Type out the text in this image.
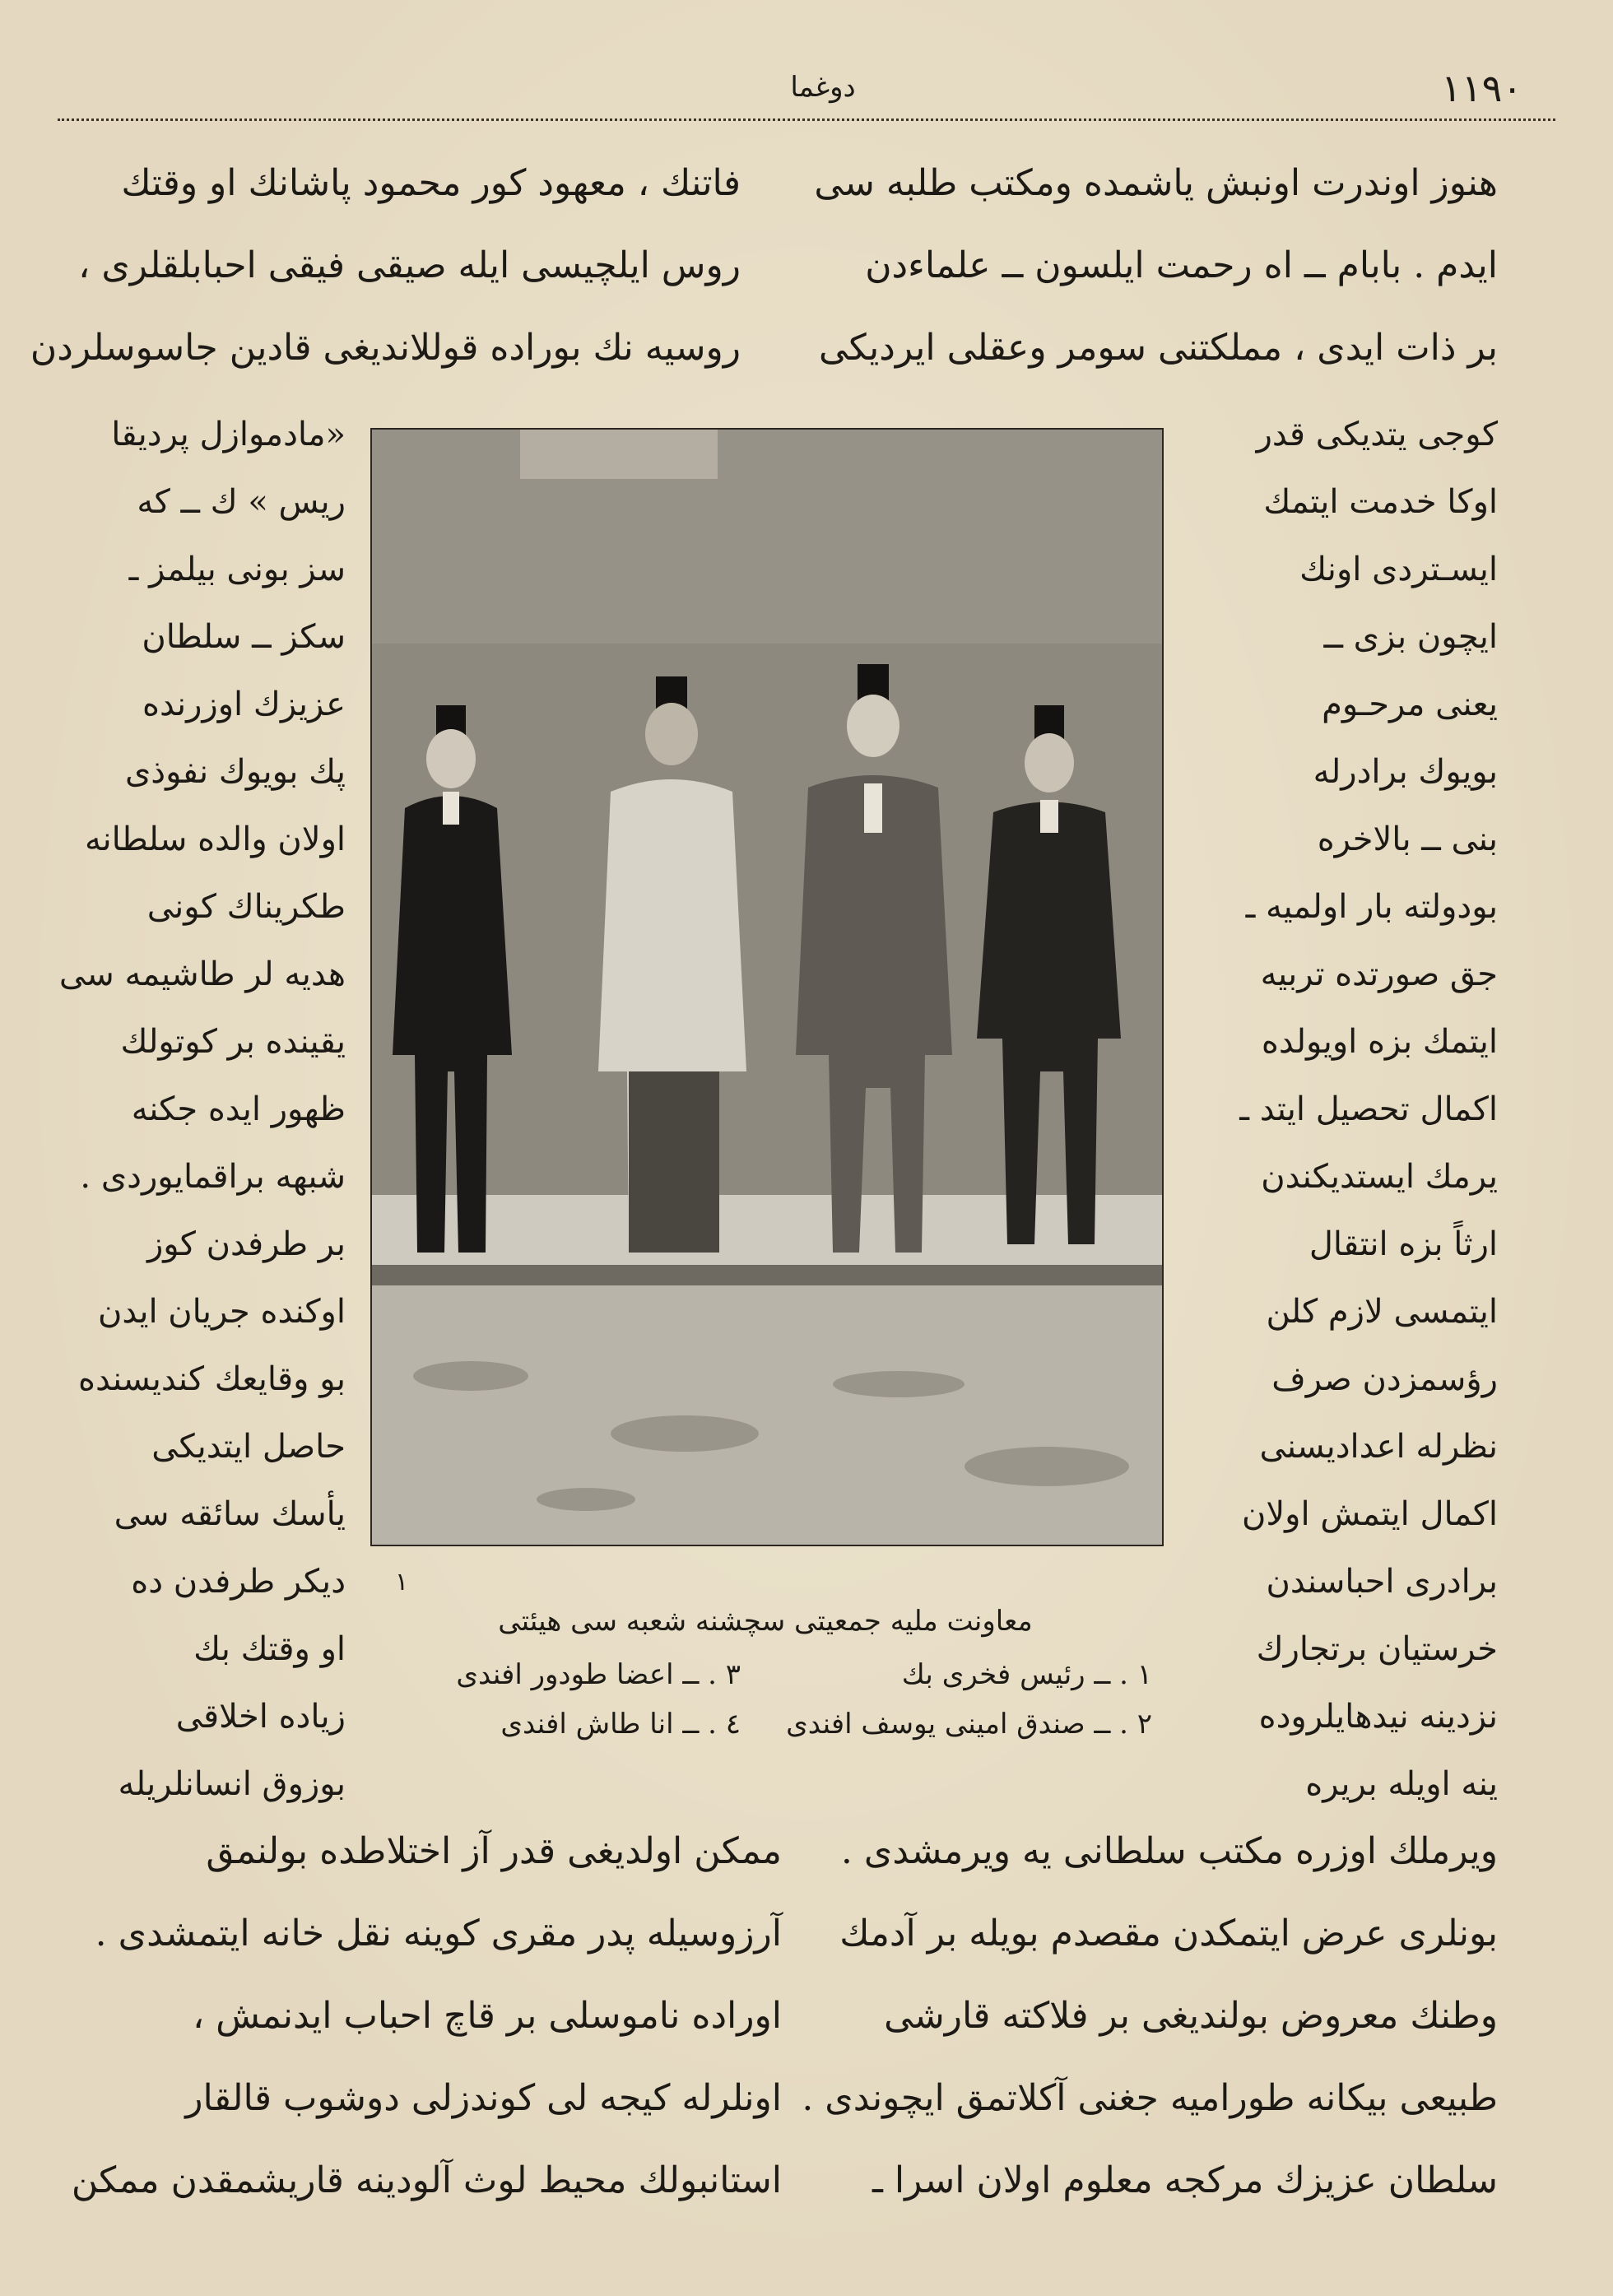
دوغما	١١٩٠
هنوز اوندرت اونبش یاشمده ومکتب طلبه سی
ایدم . بابام ــ اه رحمت ایلسون ــ علماءدن
بر ذات ایدی ، مملکتنی سومر وعقلی ایردیکی
فاتنك ، معهود کور محمود پاشانك او وقتك
روس ایلچیسی ایله صیقی فیقی احبابلقلری ،
روسیه نك بوراده قوللاندیغی قادین جاسوسلردن
کوجی یتدیکی قدر
اوکا خدمت ایتمك
ایسـتردی اونك
ایچون بزی ــ
یعنی مرحـوم
بویوك برادرله
بنی ــ بالاخره
بودولته بار اولمیه ـ
جق صورتده تربیه
ایتمك بزه اویولده
اکمال تحصیل ایتد ـ
یرمك ایستدیکندن
ارثاً بزه انتقال
ایتمسی لازم کلن
رؤسمزدن صرف
نظرله اعدادیسنی
اکمال ایتمش اولان
برادری احباسندن
خرستیان برتجارك
نزدینه نیدهایلروده
ینه اویله بریره
«مادموازل پردیقا
ریس » ك ــ که
سز بونی بیلمز ـ
سکز ــ سلطان
عزیزك اوزرنده
پك بویوك نفوذی
اولان والده سلطانه
طکریناك کونی
هدیه لر طاشیمه سی
یقینده بر کوتولك
ظهور ایده جکنه
شبهه براقمایوردی .
بر طرفدن کوز
اوکنده جریان ایدن
بو وقایعك کندیسنده
حاصل ایتدیکی
یأسك سائقه سی
دیکر طرفدن ده
او وقتك بك
زیاده اخلاقی
بوزوق انسانلریله
١
معاونت ملیه جمعیتی سچشنه شعبه سی هیئتی
١ . ــ رئیس فخری بك
٣ . ــ اعضا طودور افندی
٢ . ــ صندق امینی یوسف افندی
٤ . ــ انا طاش افندی
ویرملك اوزره مکتب سلطانی یه ویرمشدی .
بونلری عرض ایتمکدن مقصدم بویله بر آدمك
وطنك معروض بولندیغی بر فلاکته قارشی
طبیعی بیکانه طورامیه جغنی آکلاتمق ایچوندی .
سلطان عزیزك مرکجه معلوم اولان اسرا ـ
ممکن اولدیغی قدر آز اختلاطده بولنمق
آرزوسیله پدر مقری کوینه نقل خانه ایتمشدی .
اوراده ناموسلی بر قاچ احباب ایدنمش ،
اونلرله کیجه لی کوندزلی دوشوب قالقار
استانبولك محیط لوث آلودینه قاریشمقدن ممکن
